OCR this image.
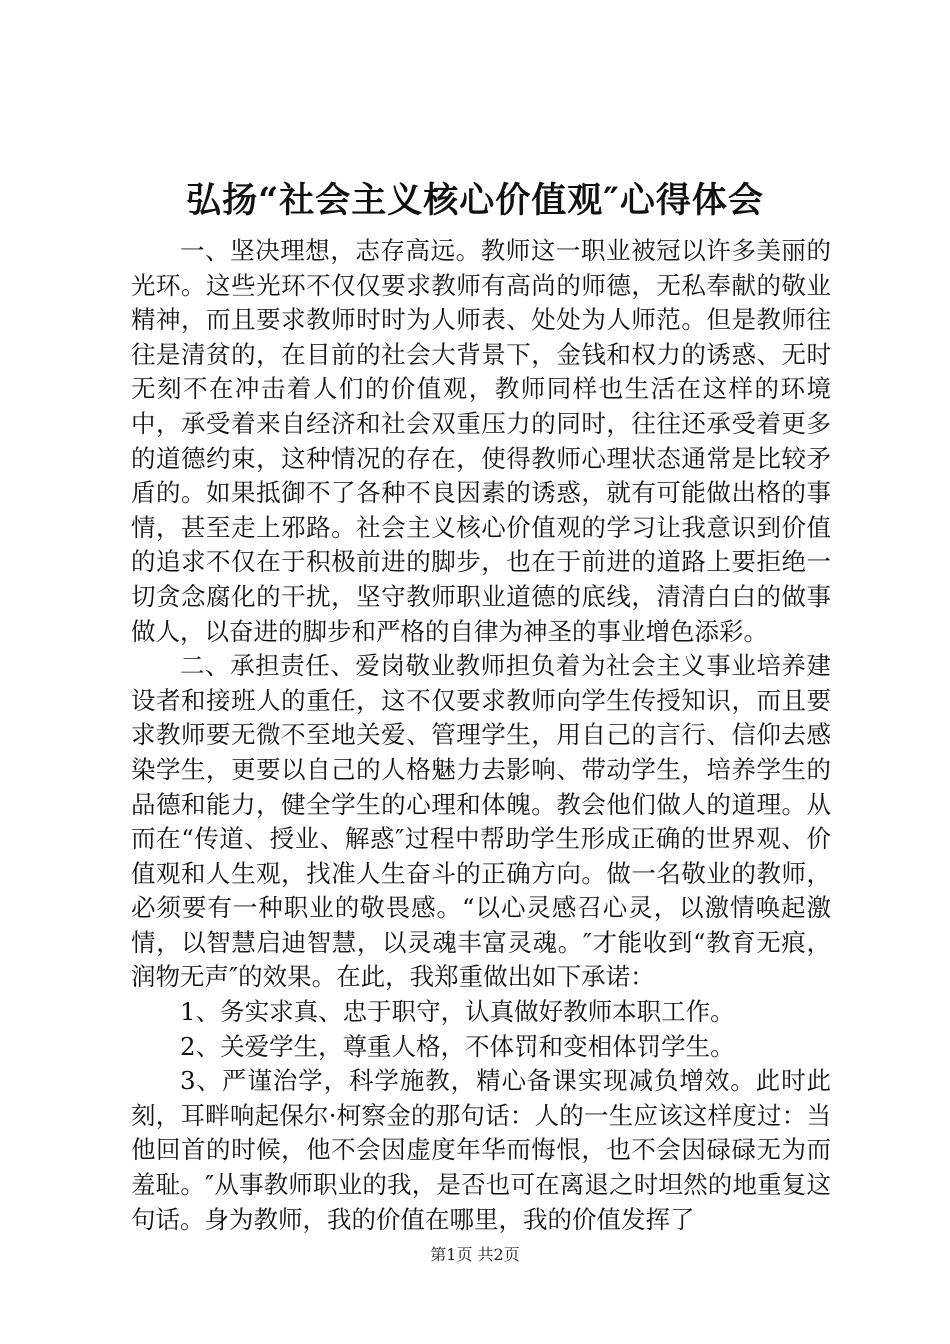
弘扬“社会主义核心价值观″心得体会

一、坚决理想，志存高远。教师这一职业被冠以许多美丽的光环。这些光环不仅仅要求教师有高尚的师德，无私奉献的敬业精神，而且要求教师时时为人师表、处处为人师范。但是教师往往是清贫的，在目前的社会大背景下，金钱和权力的诱惑、无时无刻不在冲击着人们的价值观，教师同样也生活在这样的环境中，承受着来自经济和社会双重压力的同时，往往还承受着更多的道德约束，这种情况的存在，使得教师心理状态通常是比较矛盾的。如果抵御不了各种不良因素的诱惑，就有可能做出格的事情，甚至走上邪路。社会主义核心价值观的学习让我意识到价值的追求不仅在于积极前进的脚步，也在于前进的道路上要拒绝一切贪念腐化的干扰，坚守教师职业道德的底线，清清白白的做事做人，以奋进的脚步和严格的自律为神圣的事业增色添彩。

二、承担责任、爱岗敬业教师担负着为社会主义事业培养建设者和接班人的重任，这不仅要求教师向学生传授知识，而且要求教师要无微不至地关爱、管理学生，用自己的言行、信仰去感染学生，更要以自己的人格魅力去影响、带动学生，培养学生的品德和能力，健全学生的心理和体魄。教会他们做人的道理。从而在“传道、授业、解惑″过程中帮助学生形成正确的世界观、价值观和人生观，找准人生奋斗的正确方向。做一名敬业的教师，必须要有一种职业的敬畏感。“以心灵感召心灵，以激情唤起激情，以智慧启迪智慧，以灵魂丰富灵魂。″才能收到“教育无痕，润物无声″的效果。在此，我郑重做出如下承诺：

1、务实求真、忠于职守，认真做好教师本职工作。

2、关爱学生，尊重人格，不体罚和变相体罚学生。

3、严谨治学，科学施教，精心备课实现减负增效。此时此刻，耳畔响起保尔·柯察金的那句话：人的一生应该这样度过：当他回首的时候，他不会因虚度年华而悔恨，也不会因碌碌无为而羞耻。″从事教师职业的我，是否也可在离退之时坦然的地重复这句话。身为教师，我的价值在哪里，我的价值发挥了

第1页 共2页
